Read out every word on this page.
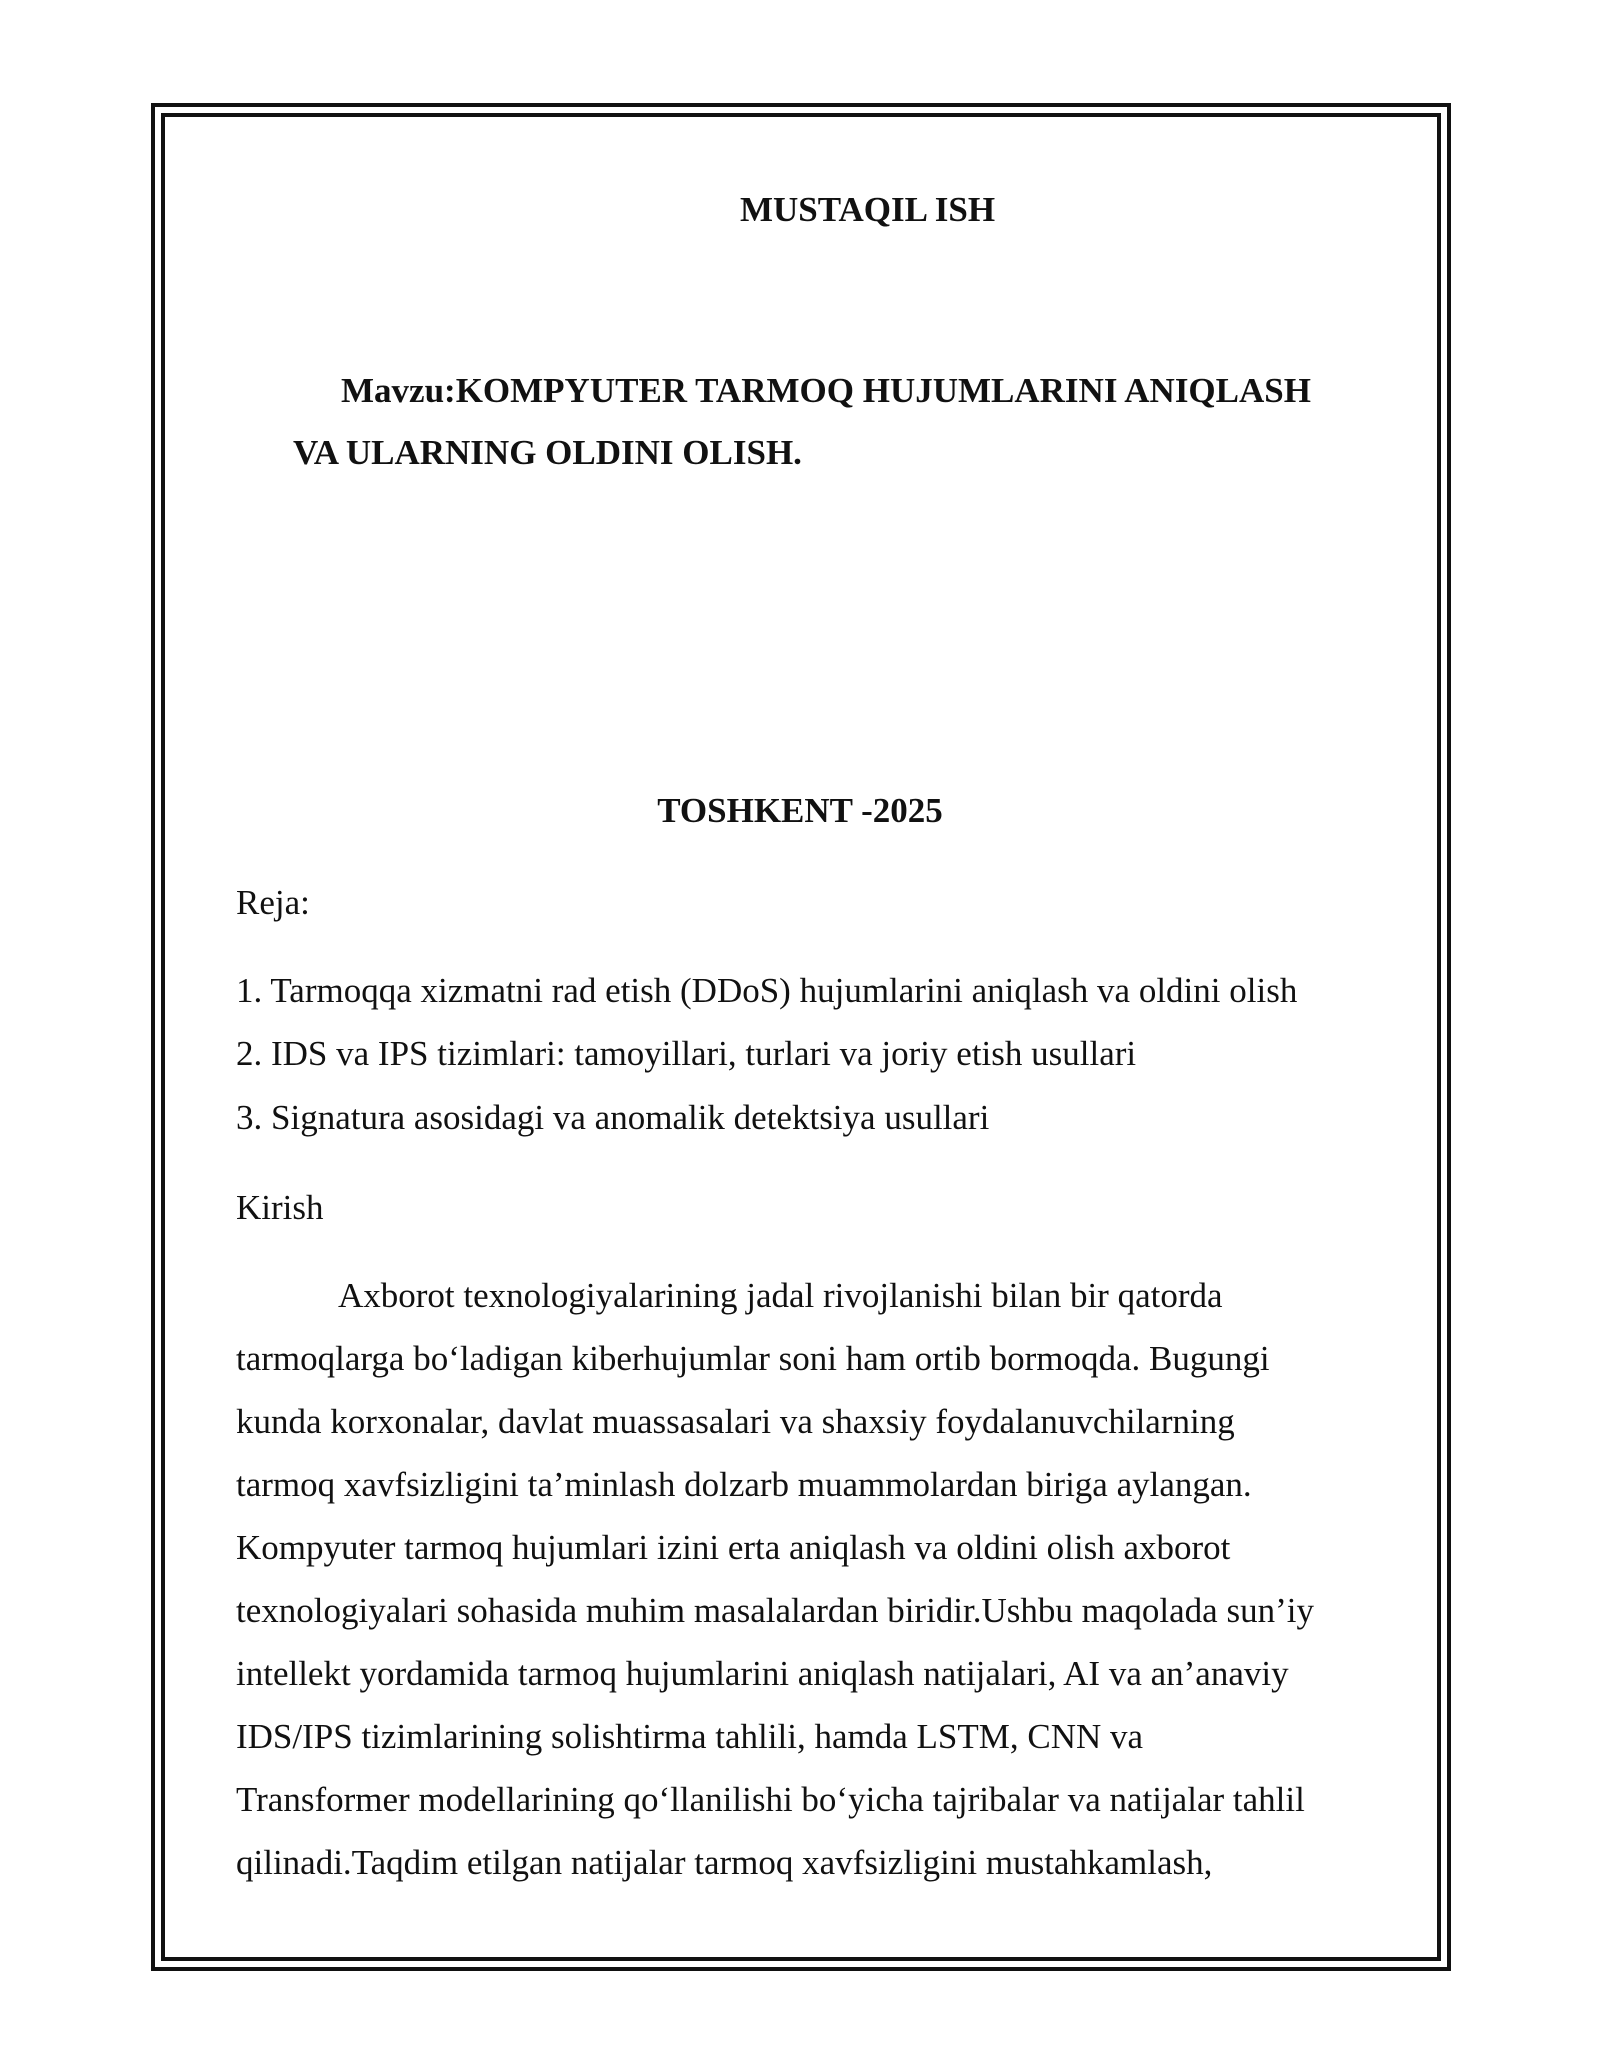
MUSTAQIL ISH
Mavzu:KOMPYUTER TARMOQ HUJUMLARINI ANIQLASH
VA ULARNING OLDINI OLISH.
TOSHKENT -2025
Reja:
1. Tarmoqqa xizmatni rad etish (DDoS) hujumlarini aniqlash va oldini olish
2. IDS va IPS tizimlari: tamoyillari, turlari va joriy etish usullari
3. Signatura asosidagi va anomalik detektsiya usullari
Kirish
Axborot texnologiyalarining jadal rivojlanishi bilan bir qatorda
tarmoqlarga bo‘ladigan kiberhujumlar soni ham ortib bormoqda. Bugungi
kunda korxonalar, davlat muassasalari va shaxsiy foydalanuvchilarning
tarmoq xavfsizligini ta’minlash dolzarb muammolardan biriga aylangan.
Kompyuter tarmoq hujumlari izini erta aniqlash va oldini olish axborot
texnologiyalari sohasida muhim masalalardan biridir.Ushbu maqolada sun’iy
intellekt yordamida tarmoq hujumlarini aniqlash natijalari, AI va an’anaviy
IDS/IPS tizimlarining solishtirma tahlili, hamda LSTM, CNN va
Transformer modellarining qo‘llanilishi bo‘yicha tajribalar va natijalar tahlil
qilinadi.Taqdim etilgan natijalar tarmoq xavfsizligini mustahkamlash,
